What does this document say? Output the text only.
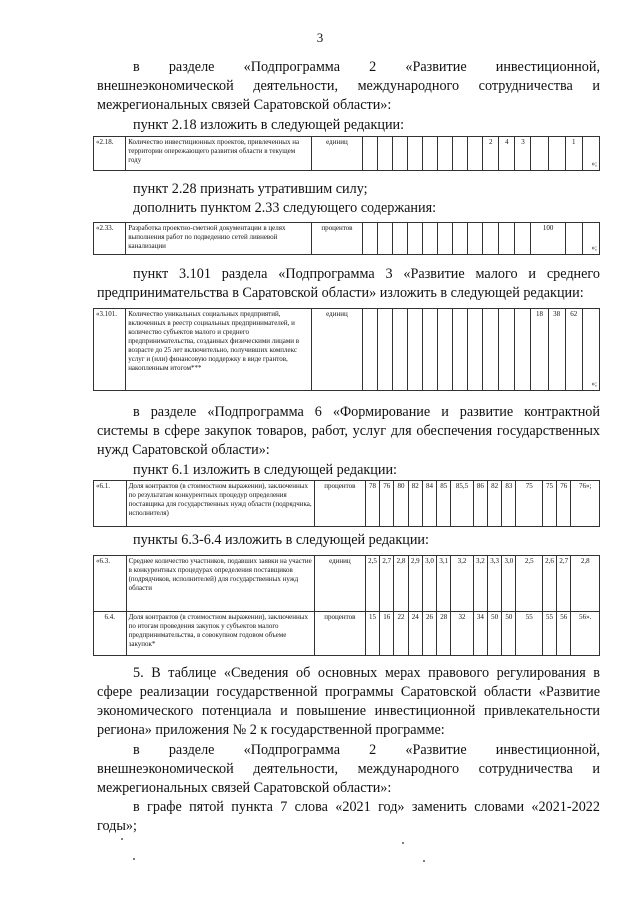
3
в разделе «Подпрограмма 2 «Развитие инвестиционной, внешнеэкономической деятельности, международного сотрудничества и межрегиональных связей Саратовской области»:
пункт 2.18 изложить в следующей редакции:
«2.18.	Количество инвестиционных проектов, привлеченных на территории опережающего развития области в текущем году	единиц									2	4	3			1	»;
пункт 2.28 признать утратившим силу;
дополнить пунктом 2.33 следующего содержания:
«2.33.	Разработка проектно-сметной документации в целях выполнения работ по подведению сетей ливневой канализации	процентов												100		»;
пункт 3.101 раздела «Подпрограмма 3 «Развитие малого и среднего предпринимательства в Саратовской области» изложить в следующей редакции:
«3.101.	Количество уникальных социальных предприятий, включенных в реестр социальных предпринимателей, и количество субъектов малого и среднего предпринимательства, созданных физическими лицами в возрасте до 25 лет включительно, получивших комплекс услуг и (или) финансовую поддержку в виде грантов, накопленным итогом***	единиц												18	38	62	»;
в разделе «Подпрограмма 6 «Формирование и развитие контрактной системы в сфере закупок товаров, работ, услуг для обеспечения государственных нужд Саратовской области»:
пункт 6.1 изложить в следующей редакции:
«6.1.	Доля контрактов (в стоимостном выражении), заключенных по результатам конкурентных процедур определения поставщика для государственных нужд области (подрядчика, исполнителя)	процентов	78	76	80	82	84	85	85,5	86	82	83	75	75	76	76»;
пункты 6.3-6.4 изложить в следующей редакции:
«6.3.	Среднее количество участников, подавших заявки на участие в конкурентных процедурах определения поставщиков (подрядчиков, исполнителей) для государственных нужд области	единиц	2,5	2,7	2,8	2,9	3,0	3,1	3,2	3,2	3,3	3,0	2,5	2,6	2,7	2,8
6.4.	Доля контрактов (в стоимостном выражении), заключенных по итогам проведения закупок у субъектов малого предпринимательства, в совокупном годовом объеме закупок*	процентов	15	16	22	24	26	28	32	34	50	50	55	55	56	56».
5. В таблице «Сведения об основных мерах правового регулирования в сфере реализации государственной программы Саратовской области «Развитие экономического потенциала и повышение инвестиционной привлекательности региона» приложения № 2 к государственной программе:
в разделе «Подпрограмма 2 «Развитие инвестиционной, внешнеэкономической деятельности, международного сотрудничества и межрегиональных связей Саратовской области»:
в графе пятой пункта 7 слова «2021 год» заменить словами «2021-2022 годы»;
